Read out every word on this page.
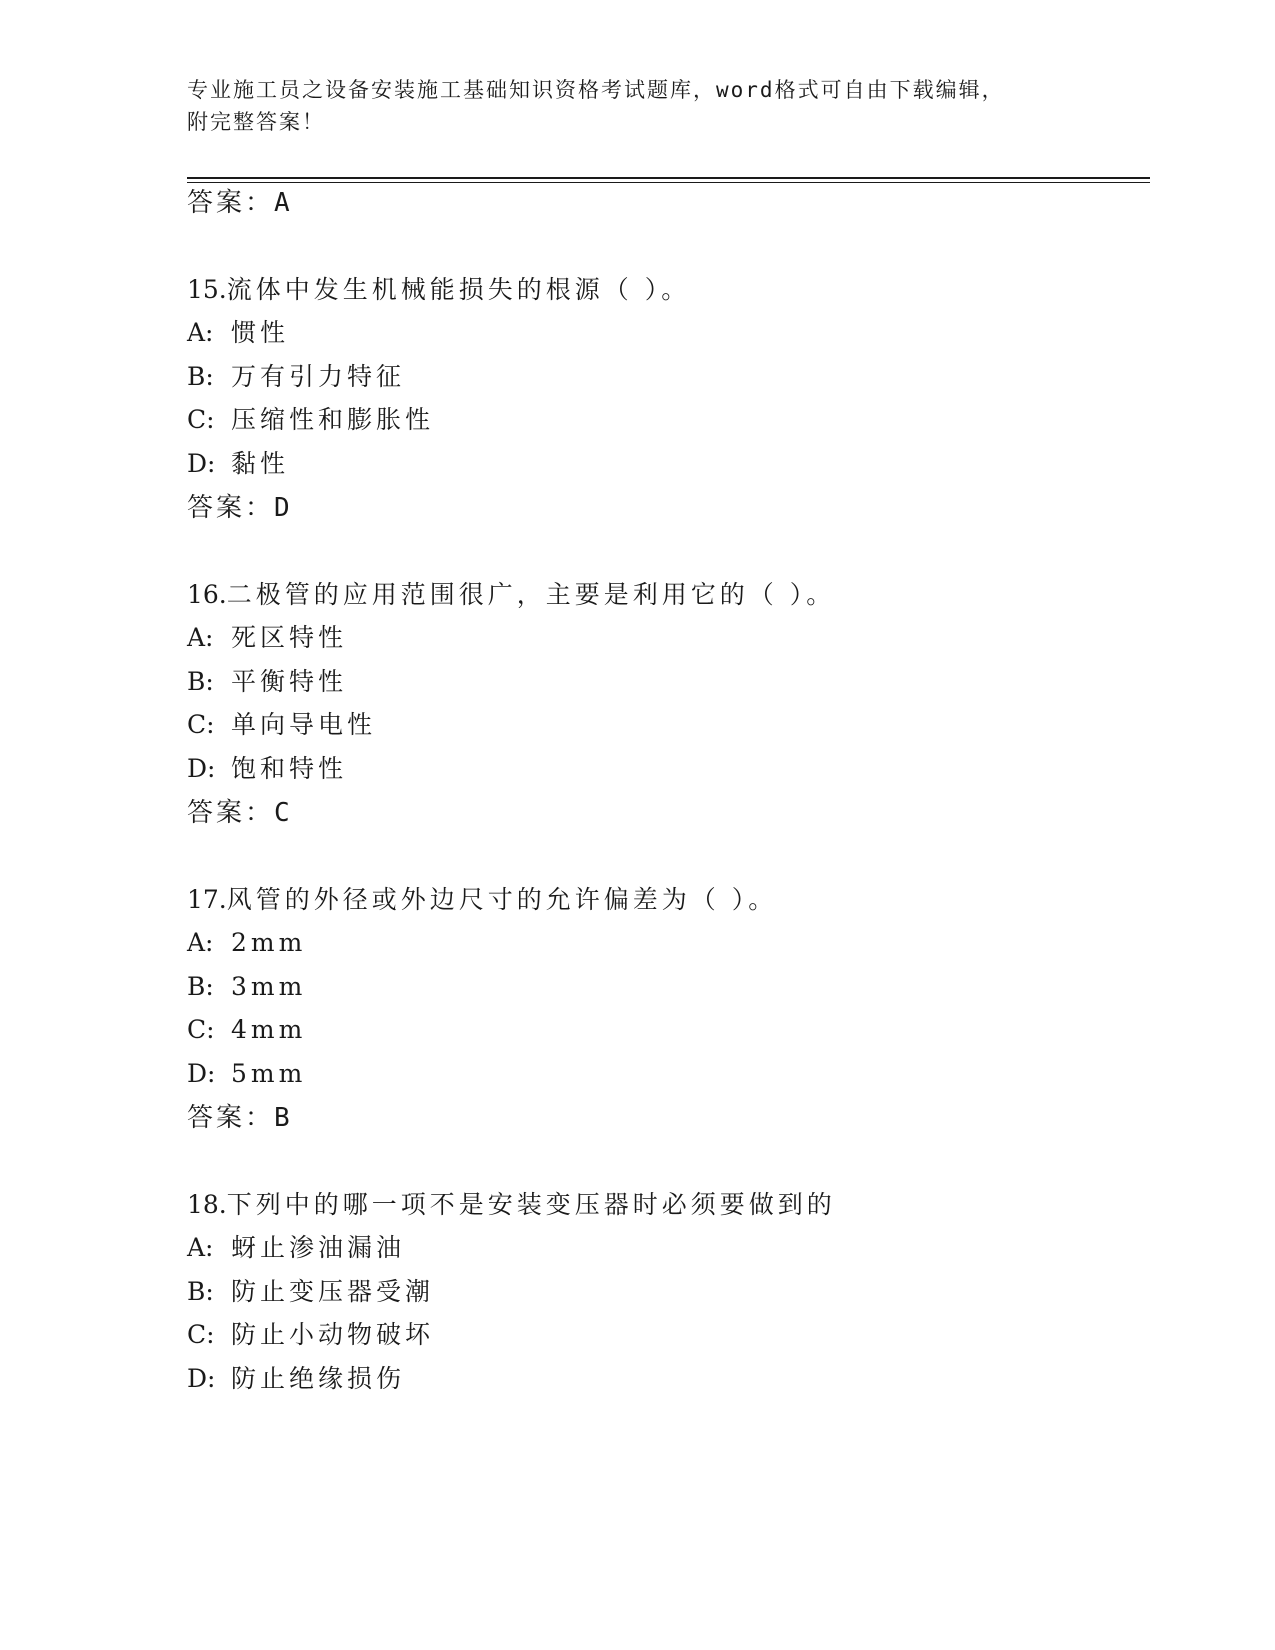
专业施工员之设备安装施工基础知识资格考试题库，word格式可自由下载编辑，
附完整答案！
答案：A
15.流体中发生机械能损失的根源（ ）。
A: 惯性
B: 万有引力特征
C: 压缩性和膨胀性
D: 黏性
答案：D
16.二极管的应用范围很广，主要是利用它的（ ）。
A: 死区特性
B: 平衡特性
C: 单向导电性
D: 饱和特性
答案：C
17.风管的外径或外边尺寸的允许偏差为（ ）。
A: 2mm
B: 3mm
C: 4mm
D: 5mm
答案：B
18.下列中的哪一项不是安装变压器时必须要做到的
A: 蚜止渗油漏油
B: 防止变压器受潮
C: 防止小动物破坏
D: 防止绝缘损伤
